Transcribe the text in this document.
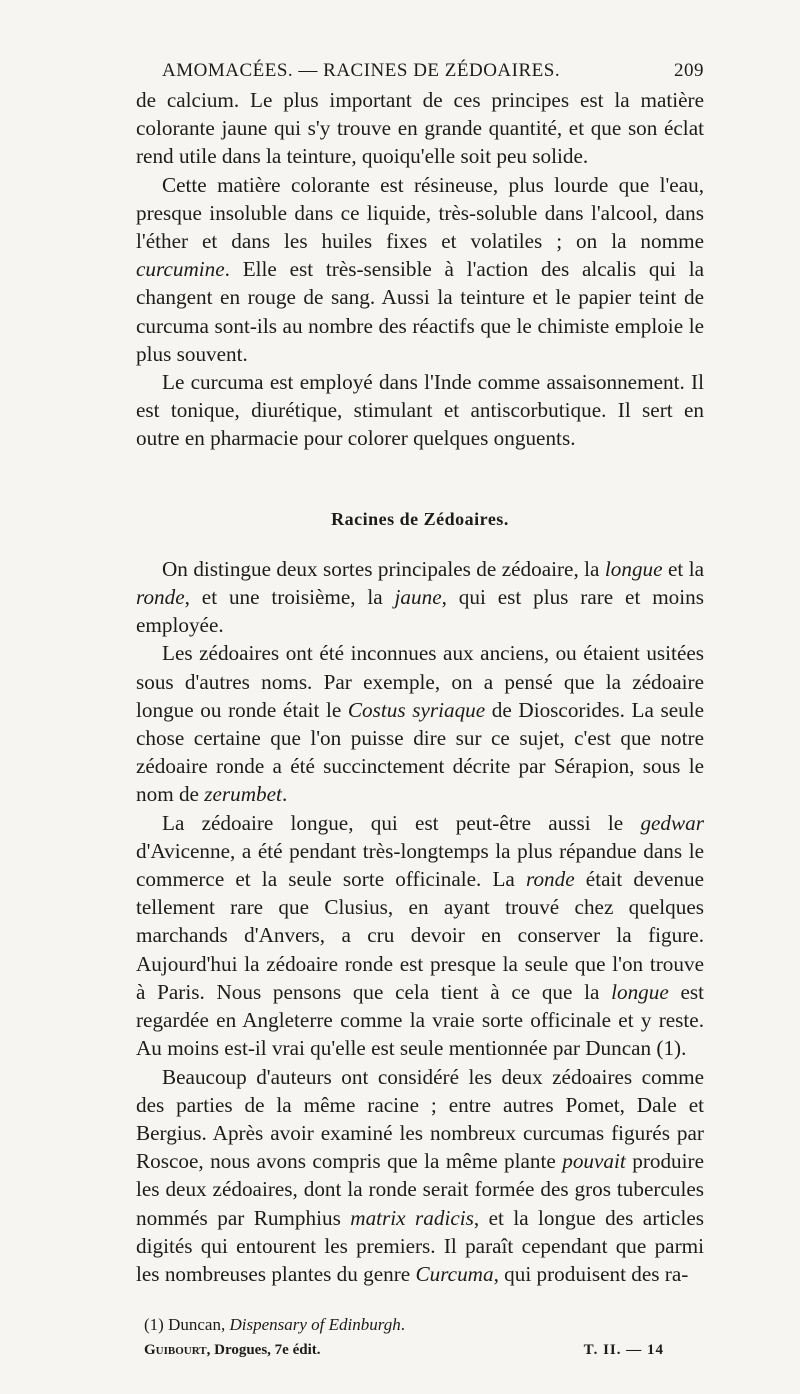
AMOMACÉES. — RACINES DE ZÉDOAIRES.	209

de calcium. Le plus important de ces principes est la matière colorante jaune qui s'y trouve en grande quantité, et que son éclat rend utile dans la teinture, quoiqu'elle soit peu solide.

Cette matière colorante est résineuse, plus lourde que l'eau, presque insoluble dans ce liquide, très-soluble dans l'alcool, dans l'éther et dans les huiles fixes et volatiles ; on la nomme curcumine. Elle est très-sensible à l'action des alcalis qui la changent en rouge de sang. Aussi la teinture et le papier teint de curcuma sont-ils au nombre des réactifs que le chimiste emploie le plus souvent.

Le curcuma est employé dans l'Inde comme assaisonnement. Il est tonique, diurétique, stimulant et antiscorbutique. Il sert en outre en pharmacie pour colorer quelques onguents.

Racines de Zédoaires.

On distingue deux sortes principales de zédoaire, la longue et la ronde, et une troisième, la jaune, qui est plus rare et moins employée.

Les zédoaires ont été inconnues aux anciens, ou étaient usitées sous d'autres noms. Par exemple, on a pensé que la zédoaire longue ou ronde était le Costus syriaque de Dioscorides. La seule chose certaine que l'on puisse dire sur ce sujet, c'est que notre zédoaire ronde a été succinctement décrite par Sérapion, sous le nom de zerumbet.

La zédoaire longue, qui est peut-être aussi le gedwar d'Avicenne, a été pendant très-longtemps la plus répandue dans le commerce et la seule sorte officinale. La ronde était devenue tellement rare que Clusius, en ayant trouvé chez quelques marchands d'Anvers, a cru devoir en conserver la figure. Aujourd'hui la zédoaire ronde est presque la seule que l'on trouve à Paris. Nous pensons que cela tient à ce que la longue est regardée en Angleterre comme la vraie sorte officinale et y reste. Au moins est-il vrai qu'elle est seule mentionnée par Duncan (1).

Beaucoup d'auteurs ont considéré les deux zédoaires comme des parties de la même racine ; entre autres Pomet, Dale et Bergius. Après avoir examiné les nombreux curcumas figurés par Roscoe, nous avons compris que la même plante pouvait produire les deux zédoaires, dont la ronde serait formée des gros tubercules nommés par Rumphius matrix radicis, et la longue des articles digités qui entourent les premiers. Il paraît cependant que parmi les nombreuses plantes du genre Curcuma, qui produisent des ra-

(1) Duncan, Dispensary of Edinburgh.
Guibourt, Drogues, 7e édit.	T. II. — 14
